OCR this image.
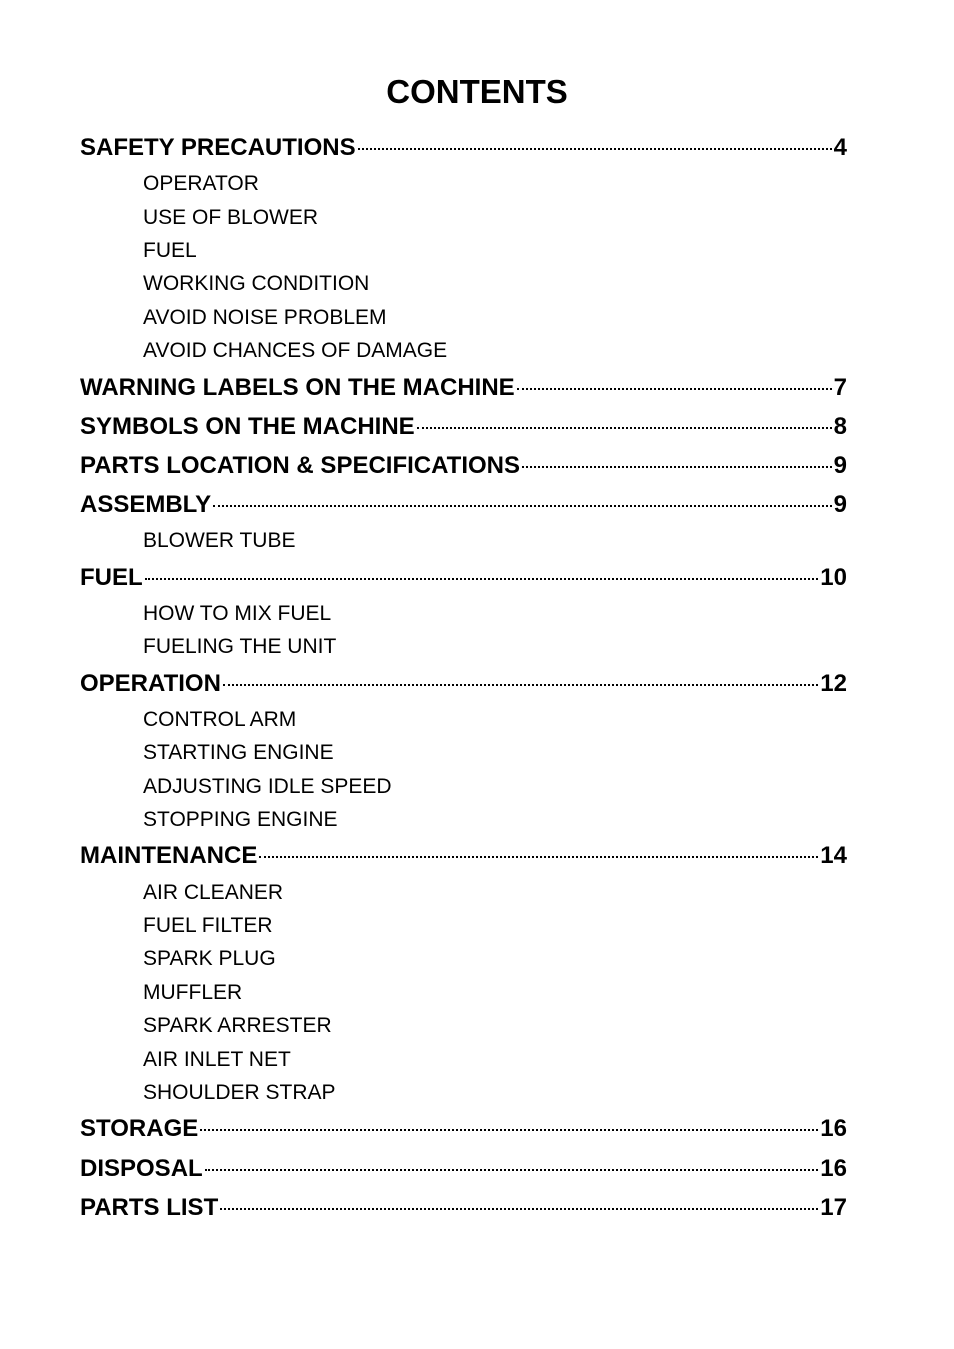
CONTENTS
SAFETY PRECAUTIONS	4
OPERATOR
USE OF BLOWER
FUEL
WORKING CONDITION
AVOID NOISE PROBLEM
AVOID CHANCES OF DAMAGE
WARNING LABELS ON THE MACHINE	7
SYMBOLS ON THE MACHINE	8
PARTS LOCATION & SPECIFICATIONS	9
ASSEMBLY	9
BLOWER TUBE
FUEL	10
HOW TO MIX FUEL
FUELING THE UNIT
OPERATION	12
CONTROL ARM
STARTING ENGINE
ADJUSTING IDLE SPEED
STOPPING ENGINE
MAINTENANCE	14
AIR CLEANER
FUEL FILTER
SPARK PLUG
MUFFLER
SPARK ARRESTER
AIR INLET NET
SHOULDER STRAP
STORAGE	16
DISPOSAL	16
PARTS LIST	17
